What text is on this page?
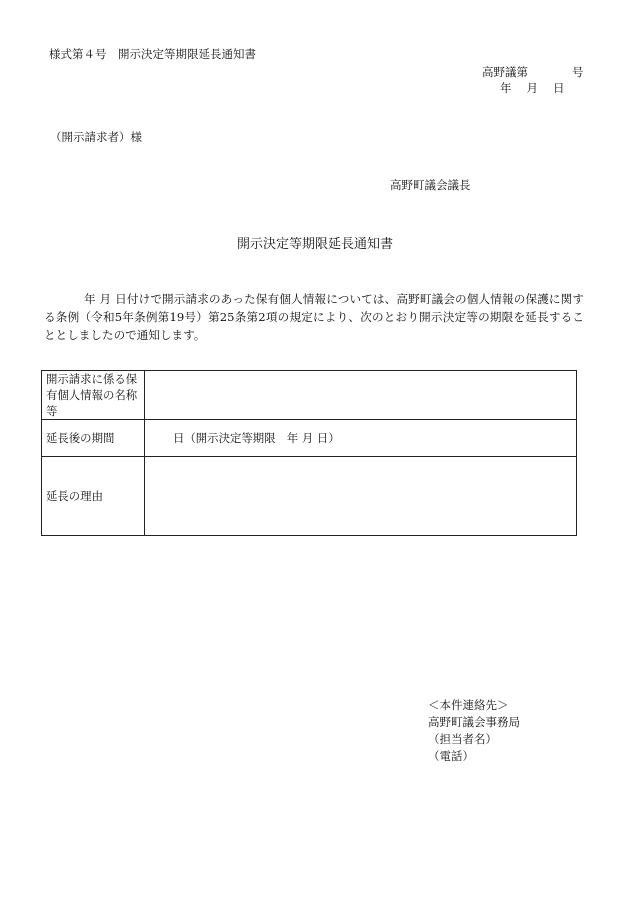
様式第４号　開示決定等期限延長通知書
高野議第	号
年 月 日
（開示請求者）様
高野町議会議長
開示決定等期限延長通知書
年 月 日付けで開示請求のあった保有個人情報については、高野町議会の個人情報の保護に関する条例（令和5年条例第19号）第25条第2項の規定により、次のとおり開示決定等の期限を延長することとしましたので通知します。
開示請求に係る保有個人情報の名称等	
延長後の期間	日（開示決定等期限　年 月 日）
延長の理由	
＜本件連絡先＞
高野町議会事務局
（担当者名）
（電話）
